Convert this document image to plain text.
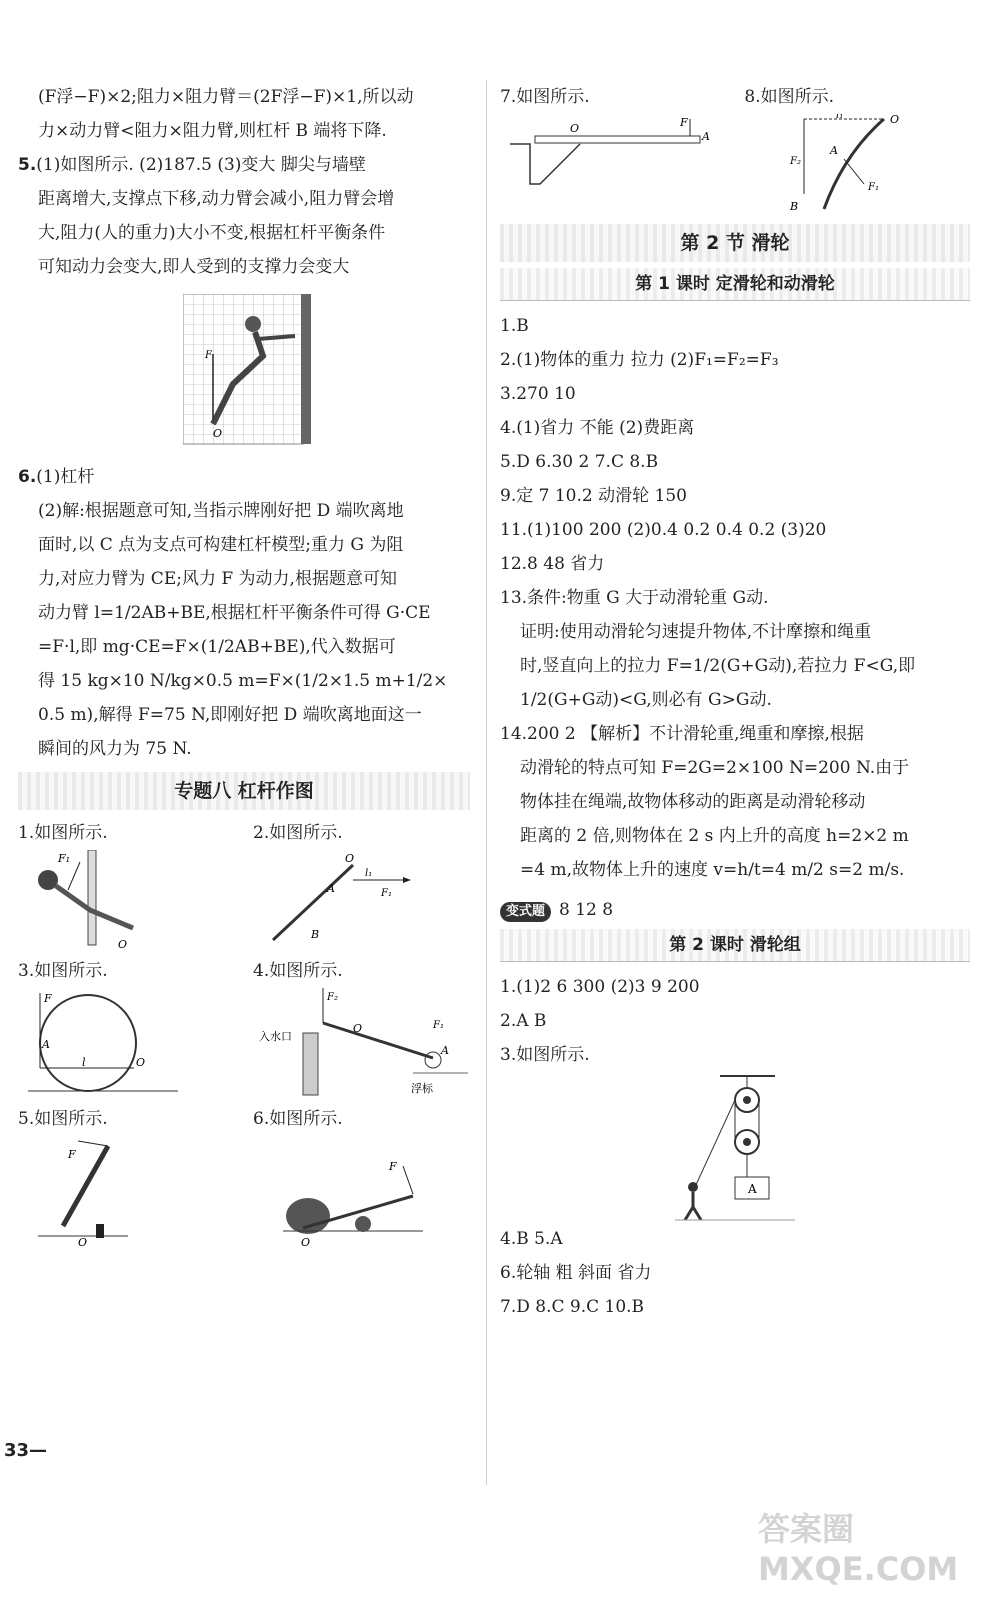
(F浮−F)×2;阻力×阻力臂＝(2F浮−F)×1,所以动
力×动力臂<阻力×阻力臂,则杠杆 B 端将下降.
5.(1)如图所示. (2)187.5 (3)变大 脚尖与墙壁
距离增大,支撑点下移,动力臂会减小,阻力臂会增
大,阻力(人的重力)大小不变,根据杠杆平衡条件
可知动力会变大,即人受到的支撑力会变大
F
O
6.(1)杠杆
(2)解:根据题意可知,当指示牌刚好把 D 端吹离地
面时,以 C 点为支点可构建杠杆模型;重力 G 为阻
力,对应力臂为 CE;风力 F 为动力,根据题意可知
动力臂 l=1/2AB+BE,根据杠杆平衡条件可得 G·CE
=F·l,即 mg·CE=F×(1/2AB+BE),代入数据可
得 15 kg×10 N/kg×0.5 m=F×(1/2×1.5 m+1/2×
0.5 m),解得 F=75 N,即刚好把 D 端吹离地面这一
瞬间的风力为 75 N.
专题八 杠杆作图
1.如图所示.
F₁
O
2.如图所示.
O
A
B
l₁
F₁
3.如图所示.
F
A
l	O
4.如图所示.
入水口
浮标
F₂
O
A
F₁
5.如图所示.
F
O
6.如图所示.
F
O
7.如图所示.
O	F
A
8.如图所示.
O
l₁
A
F₂
F₁
B
第 2 节 滑轮
第 1 课时 定滑轮和动滑轮
1.B
2.(1)物体的重力 拉力 (2)F₁=F₂=F₃
3.270 10
4.(1)省力 不能 (2)费距离
5.D 6.30 2 7.C 8.B
9.定 7 10.2 动滑轮 150
11.(1)100 200 (2)0.4 0.2 0.4 0.2 (3)20
12.8 48 省力
13.条件:物重 G 大于动滑轮重 G动.
证明:使用动滑轮匀速提升物体,不计摩擦和绳重
时,竖直向上的拉力 F=1/2(G+G动),若拉力 F<G,即
1/2(G+G动)<G,则必有 G>G动.
14.200 2 【解析】不计滑轮重,绳重和摩擦,根据
动滑轮的特点可知 F=2G=2×100 N=200 N.由于
物体挂在绳端,故物体移动的距离是动滑轮移动
距离的 2 倍,则物体在 2 s 内上升的高度 h=2×2 m
=4 m,故物体上升的速度 v=h/t=4 m/2 s=2 m/s.
变式题 8 12 8
第 2 课时 滑轮组
1.(1)2 6 300 (2)3 9 200
2.A B
3.如图所示.
A
4.B 5.A
6.轮轴 粗 斜面 省力
7.D 8.C 9.C 10.B
33—
答案圈 MXQE.COM
